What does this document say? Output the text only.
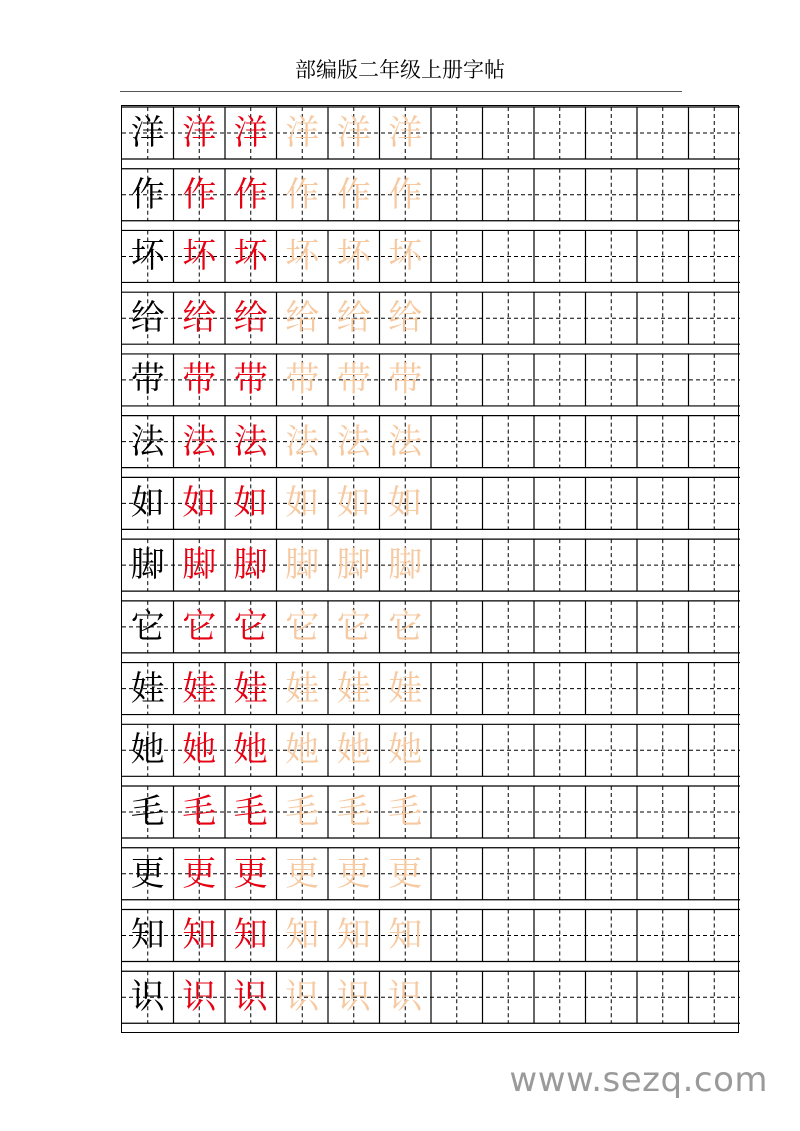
部编版二年级上册字帖
洋 洋 洋 洋 洋 洋
作 作 作 作 作 作
坏 坏 坏 坏 坏 坏
给 给 给 给 给 给
带 带 带 带 带 带
法 法 法 法 法 法
如 如 如 如 如 如
脚 脚 脚 脚 脚 脚
它 它 它 它 它 它
娃 娃 娃 娃 娃 娃
她 她 她 她 她 她
毛 毛 毛 毛 毛 毛
更 更 更 更 更 更
知 知 知 知 知 知
识 识 识 识 识 识
www.sezq.com
